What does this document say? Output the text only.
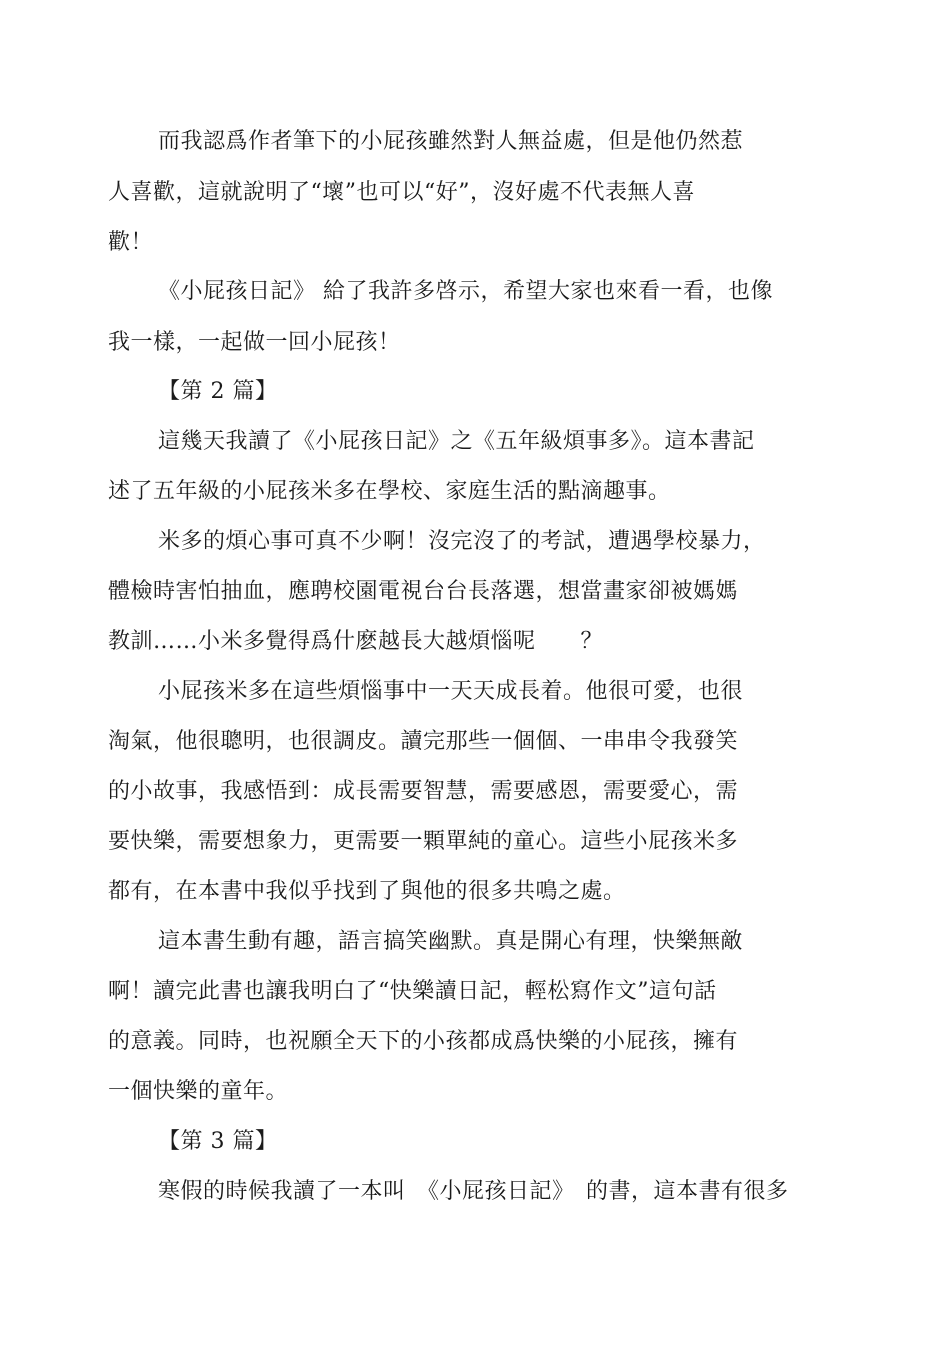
而我認爲作者筆下的小屁孩雖然對人無益處，但是他仍然惹
人喜歡，這就說明了“壞”也可以“好”，沒好處不代表無人喜
歡！
《小屁孩日記》 給了我許多啓示，希望大家也來看一看，也像
我一樣，一起做一回小屁孩！
【第 2 篇】
這幾天我讀了《小屁孩日記》之《五年級煩事多》。這本書記
述了五年級的小屁孩米多在學校、家庭生活的點滴趣事。
米多的煩心事可真不少啊！沒完沒了的考試，遭遇學校暴力，
體檢時害怕抽血，應聘校園電視台台長落選，想當畫家卻被媽媽
教訓……小米多覺得爲什麽越長大越煩惱呢　　？
小屁孩米多在這些煩惱事中一天天成長着。他很可愛，也很
淘氣，他很聰明，也很調皮。讀完那些一個個、一串串令我發笑
的小故事，我感悟到：成長需要智慧，需要感恩，需要愛心，需
要快樂，需要想象力，更需要一顆單純的童心。這些小屁孩米多
都有，在本書中我似乎找到了與他的很多共鳴之處。
這本書生動有趣，語言搞笑幽默。真是開心有理，快樂無敵
啊！讀完此書也讓我明白了“快樂讀日記，輕松寫作文”這句話
的意義。同時，也祝願全天下的小孩都成爲快樂的小屁孩，擁有
一個快樂的童年。
【第 3 篇】
寒假的時候我讀了一本叫　《小屁孩日記》　的書，這本書有很多
